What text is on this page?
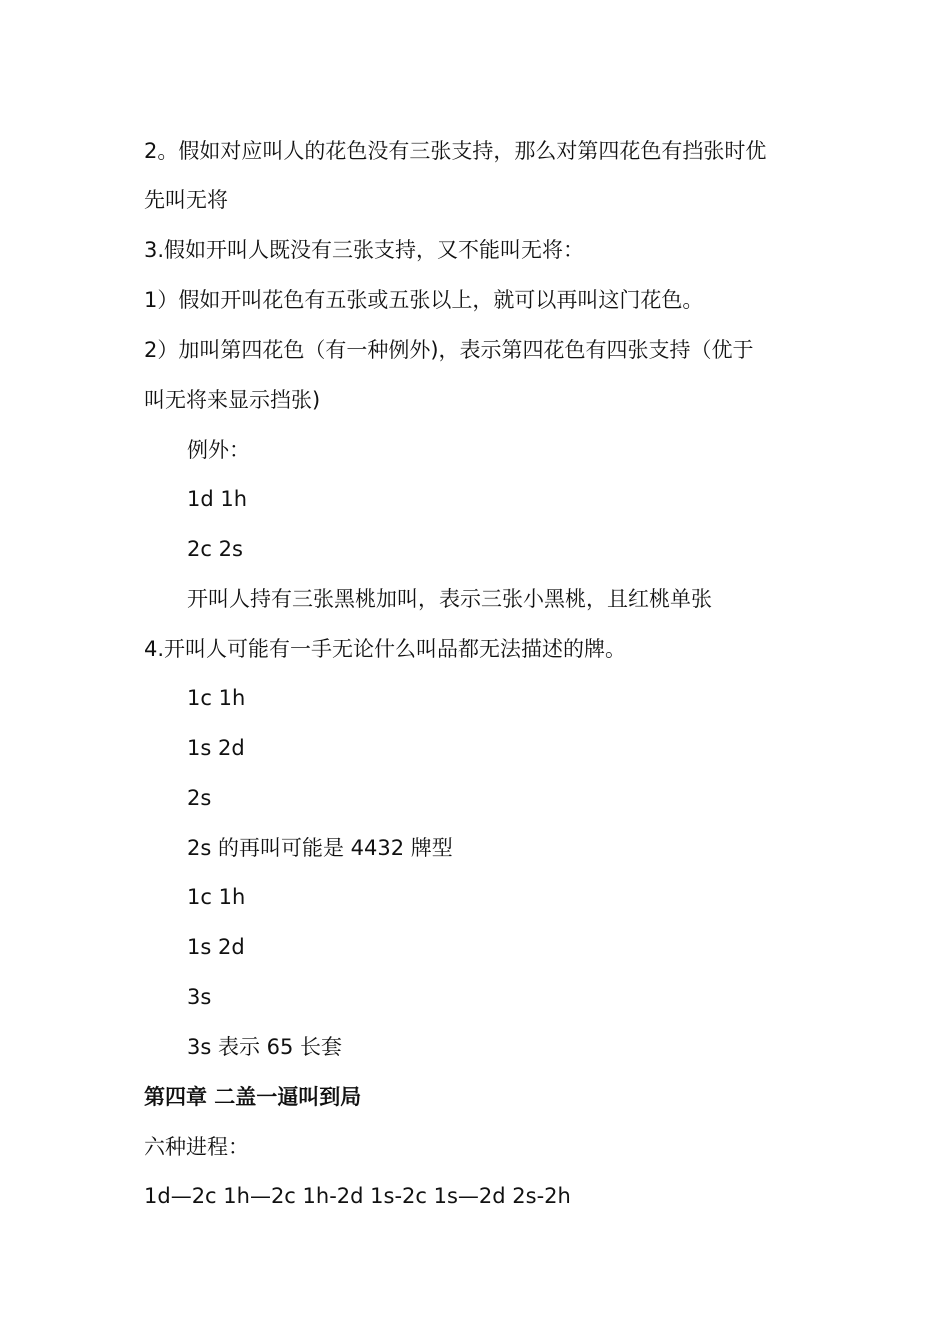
2。假如对应叫人的花色没有三张支持，那么对第四花色有挡张时优
先叫无将
3.假如开叫人既没有三张支持，又不能叫无将：
1）假如开叫花色有五张或五张以上，就可以再叫这门花色。
2）加叫第四花色（有一种例外)，表示第四花色有四张支持（优于
叫无将来显示挡张)
例外：
1d 1h
2c 2s
开叫人持有三张黑桃加叫，表示三张小黑桃，且红桃单张
4.开叫人可能有一手无论什么叫品都无法描述的牌。
1c 1h
1s 2d
2s
2s 的再叫可能是 4432 牌型
1c 1h
1s 2d
3s
3s 表示 65 长套
第四章 二盖一逼叫到局
六种进程：
1d—2c 1h—2c 1h-2d 1s-2c 1s—2d 2s-2h
